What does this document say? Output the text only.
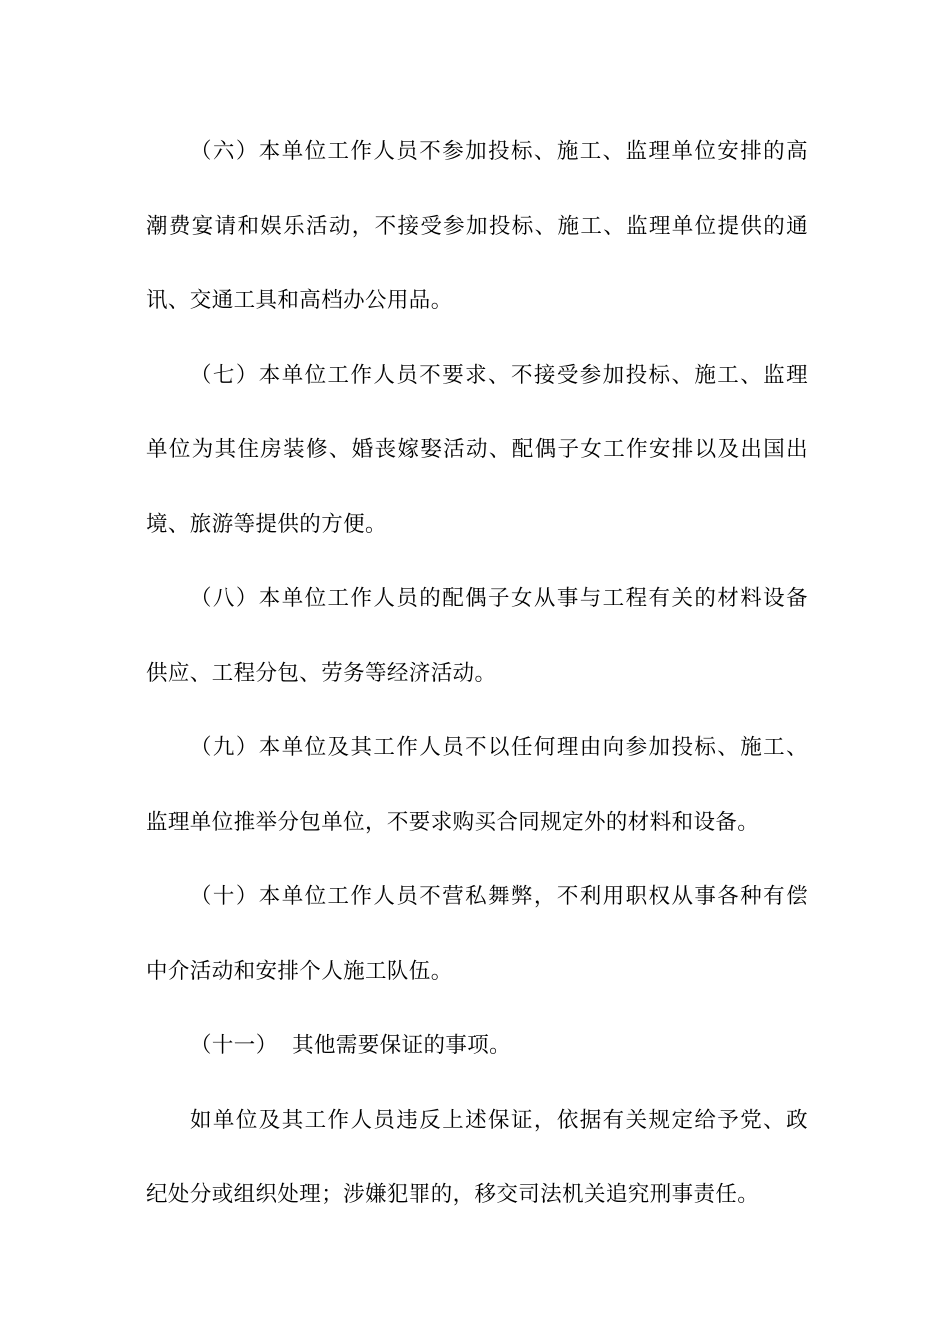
（六）本单位工作人员不参加投标、施工、监理单位安排的高
潮费宴请和娱乐活动，不接受参加投标、施工、监理单位提供的通
讯、交通工具和高档办公用品。
（七）本单位工作人员不要求、不接受参加投标、施工、监理
单位为其住房装修、婚丧嫁娶活动、配偶子女工作安排以及出国出
境、旅游等提供的方便。
（八）本单位工作人员的配偶子女从事与工程有关的材料设备
供应、工程分包、劳务等经济活动。
（九）本单位及其工作人员不以任何理由向参加投标、施工、
监理单位推举分包单位，不要求购买合同规定外的材料和设备。
（十）本单位工作人员不营私舞弊，不利用职权从事各种有偿
中介活动和安排个人施工队伍。
（十一）  其他需要保证的事项。
如单位及其工作人员违反上述保证，依据有关规定给予党、政
纪处分或组织处理；涉嫌犯罪的，移交司法机关追究刑事责任。
